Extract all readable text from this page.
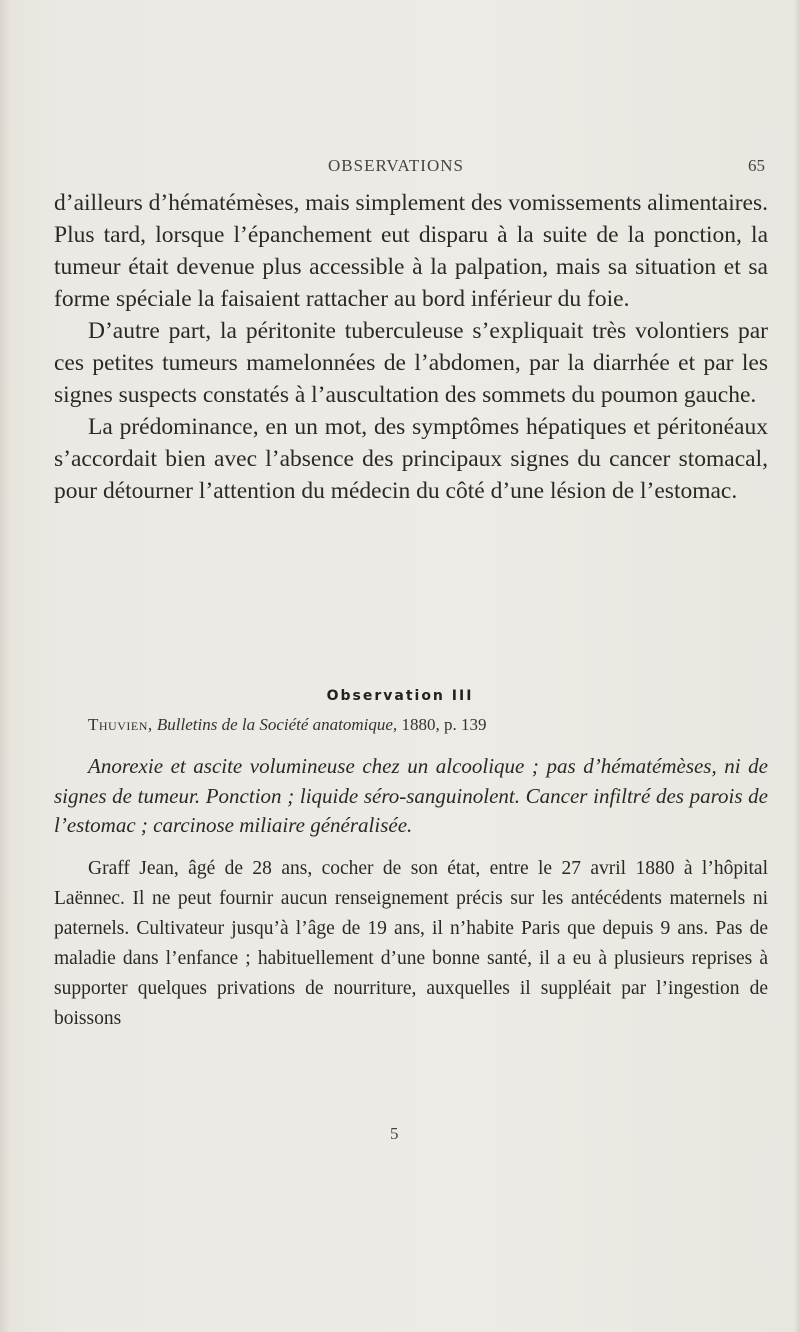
OBSERVATIONS	65

d’ailleurs d’hématémèses, mais simplement des vomissements alimentaires. Plus tard, lorsque l’épanchement eut disparu à la suite de la ponction, la tumeur était devenue plus accessible à la palpation, mais sa situation et sa forme spéciale la faisaient rattacher au bord inférieur du foie.

D’autre part, la péritonite tuberculeuse s’expliquait très volontiers par ces petites tumeurs mamelonnées de l’abdomen, par la diarrhée et par les signes suspects constatés à l’auscultation des sommets du poumon gauche.

La prédominance, en un mot, des symptômes hépatiques et péritonéaux s’accordait bien avec l’absence des principaux signes du cancer stomacal, pour détourner l’attention du médecin du côté d’une lésion de l’estomac.

Observation III
Thuvien, Bulletins de la Société anatomique, 1880, p. 139
Anorexie et ascite volumineuse chez un alcoolique ; pas d’hématémèses, ni de signes de tumeur. Ponction ; liquide séro-sanguinolent. Cancer infiltré des parois de l’estomac ; carcinose miliaire généralisée.
Graff Jean, âgé de 28 ans, cocher de son état, entre le 27 avril 1880 à l’hôpital Laënnec. Il ne peut fournir aucun renseignement précis sur les antécédents maternels ni paternels. Cultivateur jusqu’à l’âge de 19 ans, il n’habite Paris que depuis 9 ans. Pas de maladie dans l’enfance ; habituellement d’une bonne santé, il a eu à plusieurs reprises à supporter quelques privations de nourriture, auxquelles il suppléait par l’ingestion de boissons
5
